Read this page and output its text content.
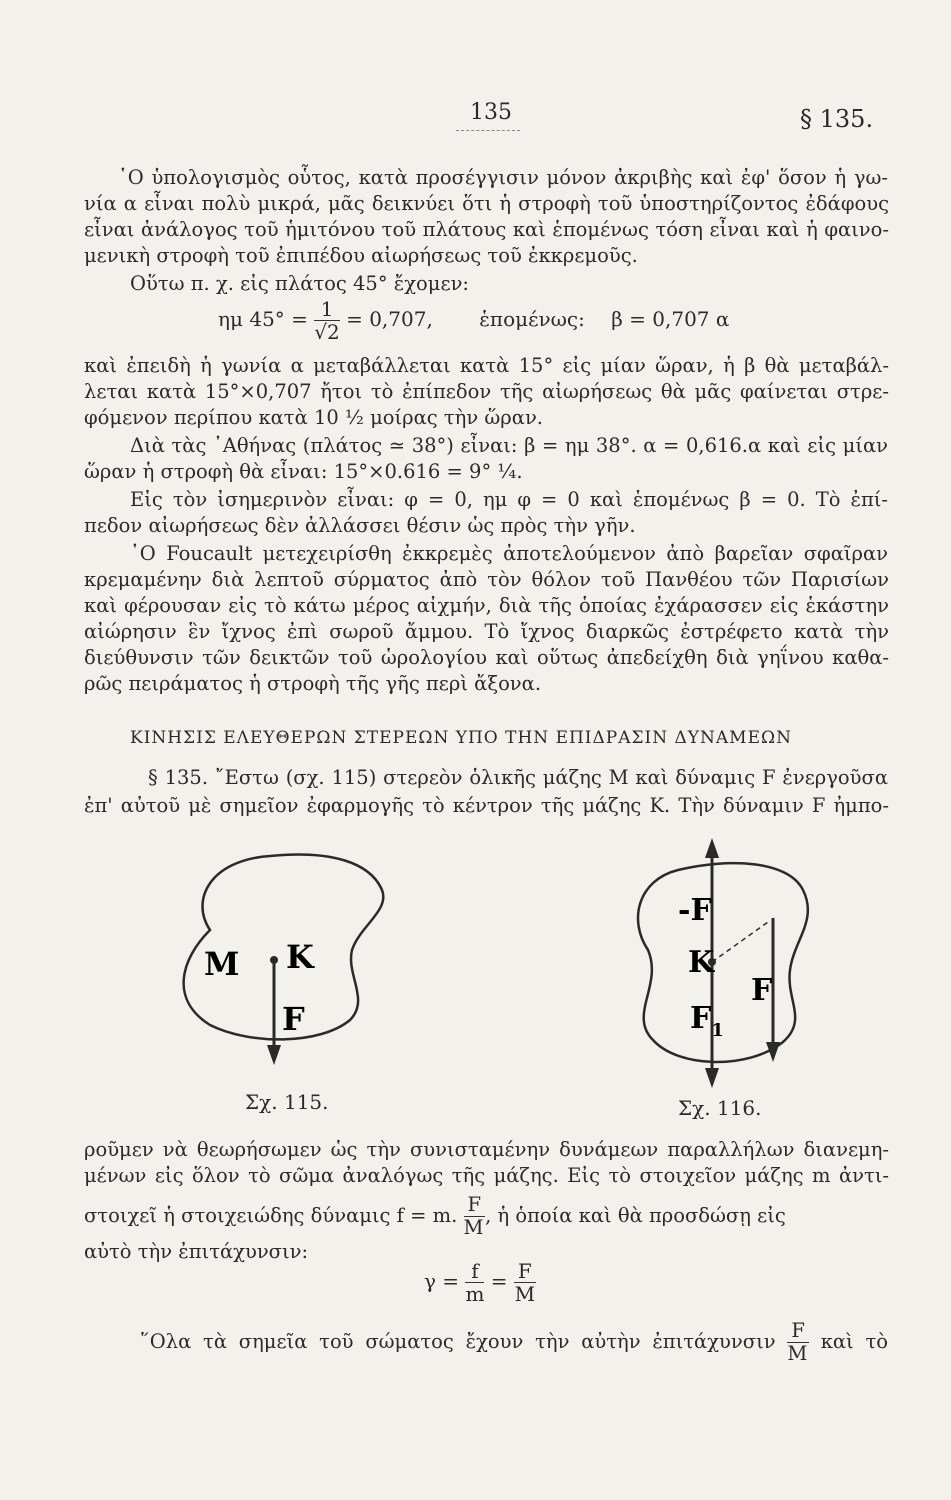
135	§ 135.
῾Ο ὑπολογισμὸς οὗτος, κατὰ προσέγγισιν μόνον ἀκριβὴς καὶ ἐφ' ὅσον ἡ γω-
νία α εἶναι πολὺ μικρά, μᾶς δεικνύει ὅτι ἡ στροφὴ τοῦ ὑποστηρίζοντος ἐδάφους
εἶναι ἀνάλογος τοῦ ἡμιτόνου τοῦ πλάτους καὶ ἑπομένως τόση εἶναι καὶ ἡ φαινο-
μενικὴ στροφὴ τοῦ ἐπιπέδου αἰωρήσεως τοῦ ἐκκρεμοῦς.
Οὕτω π. χ. εἰς πλάτος 45° ἔχομεν:
ημ $45^\circ = \frac{1}{√2} = 0,707$, ἑπομένως: β = 0,707 α
καὶ ἐπειδὴ ἡ γωνία α μεταβάλλεται κατὰ 15° εἰς μίαν ὥραν, ἡ β θὰ μεταβάλ-
λεται κατὰ 15°×0,707 ἤτοι τὸ ἐπίπεδον τῆς αἰωρήσεως θὰ μᾶς φαίνεται στρε-
φόμενον περίπου κατὰ 10 ½ μοίρας τὴν ὥραν.
Διὰ τὰς ᾿Αθήνας (πλάτος ≃ 38°) εἶναι: β = ημ 38°. α = 0,616.α καὶ εἰς μίαν
ὥραν ἡ στροφὴ θὰ εἶναι: 15°×0.616 = 9° ¼.
Εἰς τὸν ἰσημερινὸν εἶναι: φ = 0, ημ φ = 0 καὶ ἑπομένως β = 0. Τὸ ἐπί-
πεδον αἰωρήσεως δὲν ἀλλάσσει θέσιν ὡς πρὸς τὴν γῆν.
῾Ο Foucault μετεχειρίσθη ἐκκρεμὲς ἀποτελούμενον ἀπὸ βαρεῖαν σφαῖραν
κρεμαμένην διὰ λεπτοῦ σύρματος ἀπὸ τὸν θόλον τοῦ Πανθέου τῶν Παρισίων
καὶ φέρουσαν εἰς τὸ κάτω μέρος αἰχμήν, διὰ τῆς ὁποίας ἐχάρασσεν εἰς ἑκάστην
αἰώρησιν ἓν ἴχνος ἐπὶ σωροῦ ἄμμου. Τὸ ἴχνος διαρκῶς ἐστρέφετο κατὰ τὴν
διεύθυνσιν τῶν δεικτῶν τοῦ ὡρολογίου καὶ οὕτως ἀπεδείχθη διὰ γηΐνου καθα-
ρῶς πειράματος ἡ στροφὴ τῆς γῆς περὶ ἄξονα.
ΚΙΝΗΣΙΣ ΕΛΕΥΘΕΡΩΝ ΣΤΕΡΕΩΝ ΥΠΟ ΤΗΝ ΕΠΙΔΡΑΣΙΝ ΔΥΝΑΜΕΩΝ
§ 135. ῎Εστω (σχ. 115) στερεὸν ὁλικῆς μάζης Μ καὶ δύναμις F ἐνεργοῦσα
ἐπ' αὐτοῦ μὲ σημεῖον ἐφαρμογῆς τὸ κέντρον τῆς μάζης Κ. Τὴν δύναμιν F ἠμπο-
M K
F
Σχ. 115.
-F
K
F
$F_1$
Σχ. 116.
ροῦμεν νὰ θεωρήσωμεν ὡς τὴν συνισταμένην δυνάμεων παραλλήλων διανεμη-
μένων εἰς ὅλον τὸ σῶμα ἀναλόγως τῆς μάζης. Εἰς τὸ στοιχεῖον μάζης m ἀντι-
στοιχεῖ ἡ στοιχειώδης δύναμις f = m. $\frac{F}{M}$ , ἡ ὁποία καὶ θὰ προσδώσῃ εἰς
αὐτὸ τὴν ἐπιτάχυνσιν:
$\gamma = \frac{f}{m} = \frac{F}{M}$
῞Ολα τὰ σημεῖα τοῦ σώματος ἔχουν τὴν αὐτὴν ἐπιτάχυνσιν $\frac{F}{M}$ καὶ τὸ
